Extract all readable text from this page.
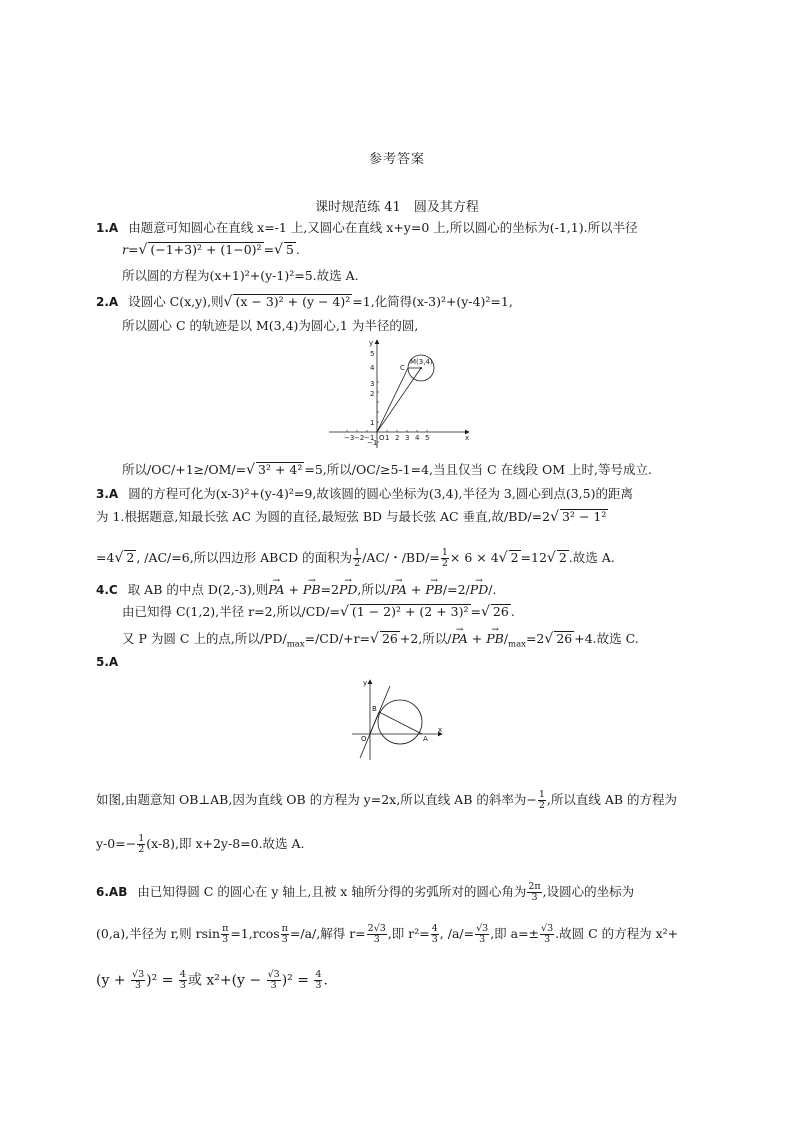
参考答案
课时规范练 41　圆及其方程
1.A 由题意可知圆心在直线 x=-1 上,又圆心在直线 x+y=0 上,所以圆心的坐标为(-1,1).所以半径
r=√ (−1+3)² + (1−0)² =√ 5 .
所以圆的方程为(x+1)²+(y-1)²=5.故选 A.
2.A 设圆心 C(x,y),则√ (x − 3)² + (y − 4)² =1,化简得(x-3)²+(y-4)²=1,
所以圆心 C 的轨迹是以 M(3,4)为圆心,1 为半径的圆,
−3 −2 −1 1 2 3 4 5
5
4
3
2
1
−1
O	x
y
C
M(3,4)
所以/OC/+1≥/OM/=√ 3² + 4² =5,所以/OC/≥5-1=4,当且仅当 C 在线段 OM 上时,等号成立.
3.A 圆的方程可化为(x-3)²+(y-4)²=9,故该圆的圆心坐标为(3,4),半径为 3,圆心到点(3,5)的距离
为 1.根据题意,知最长弦 AC 为圆的直径,最短弦 BD 与最长弦 AC 垂直,故/BD/=2√ 3² − 1²
=4√ 2 , /AC/=6,所以四边形 ABCD 的面积为 $\frac{1}{2} /AC/$・$/BD/= \frac{1}{2} \times 6 \times 4√$ 2 =12√ 2 .故选 A.
4.C 取 AB 的中点 D(2,-3),则→ PA + → PB=2→ PD,所以/→ PA + → PB/=2/→ PD/.
由已知得 C(1,2),半径 r=2,所以/CD/=√ (1 − 2)² + (2 + 3)² =√ 26 .
又 P 为圆 C 上的点,所以$/PD/_{max}=/CD/+r=√$ 26 +2,所以/→ PA + → $PB/_{max}=2√$ 26 +4.故选 C.
5.A
x
y
O	A
B
如图,由题意知 OB⊥AB,因为直线 OB 的方程为 y=2x,所以直线 AB 的斜率为− $\frac{1}{2}$ ,所以直线 AB 的方程为
$y-0=- \frac{1}{2} (x-8)$,即 x+2y-8=0.故选 A.
6.AB 由已知得圆 C 的圆心在 y 轴上,且被 x 轴所分得的劣弧所对的圆心角为 $\frac{2\pi}{3}$ ,设圆心的坐标为
(0,a),半径为 r,则 rsin $\frac{\pi}{3} =1,rcos \frac{\pi}{3} =/a/$,解得 $r= \frac{2√3}{3}$ ,即 $r^2= \frac{4}{3}$ , $/a/= \frac{√3}{3}$ ,即 $a=\pm \frac{√3}{3}$ .故圆 C 的方程为 x²+
$(y + \frac{√3}{3} )^2 = \frac{4}{3}$ 或 $x^2+(y - \frac{√3}{3} )^2 = \frac{4}{3}$ .
